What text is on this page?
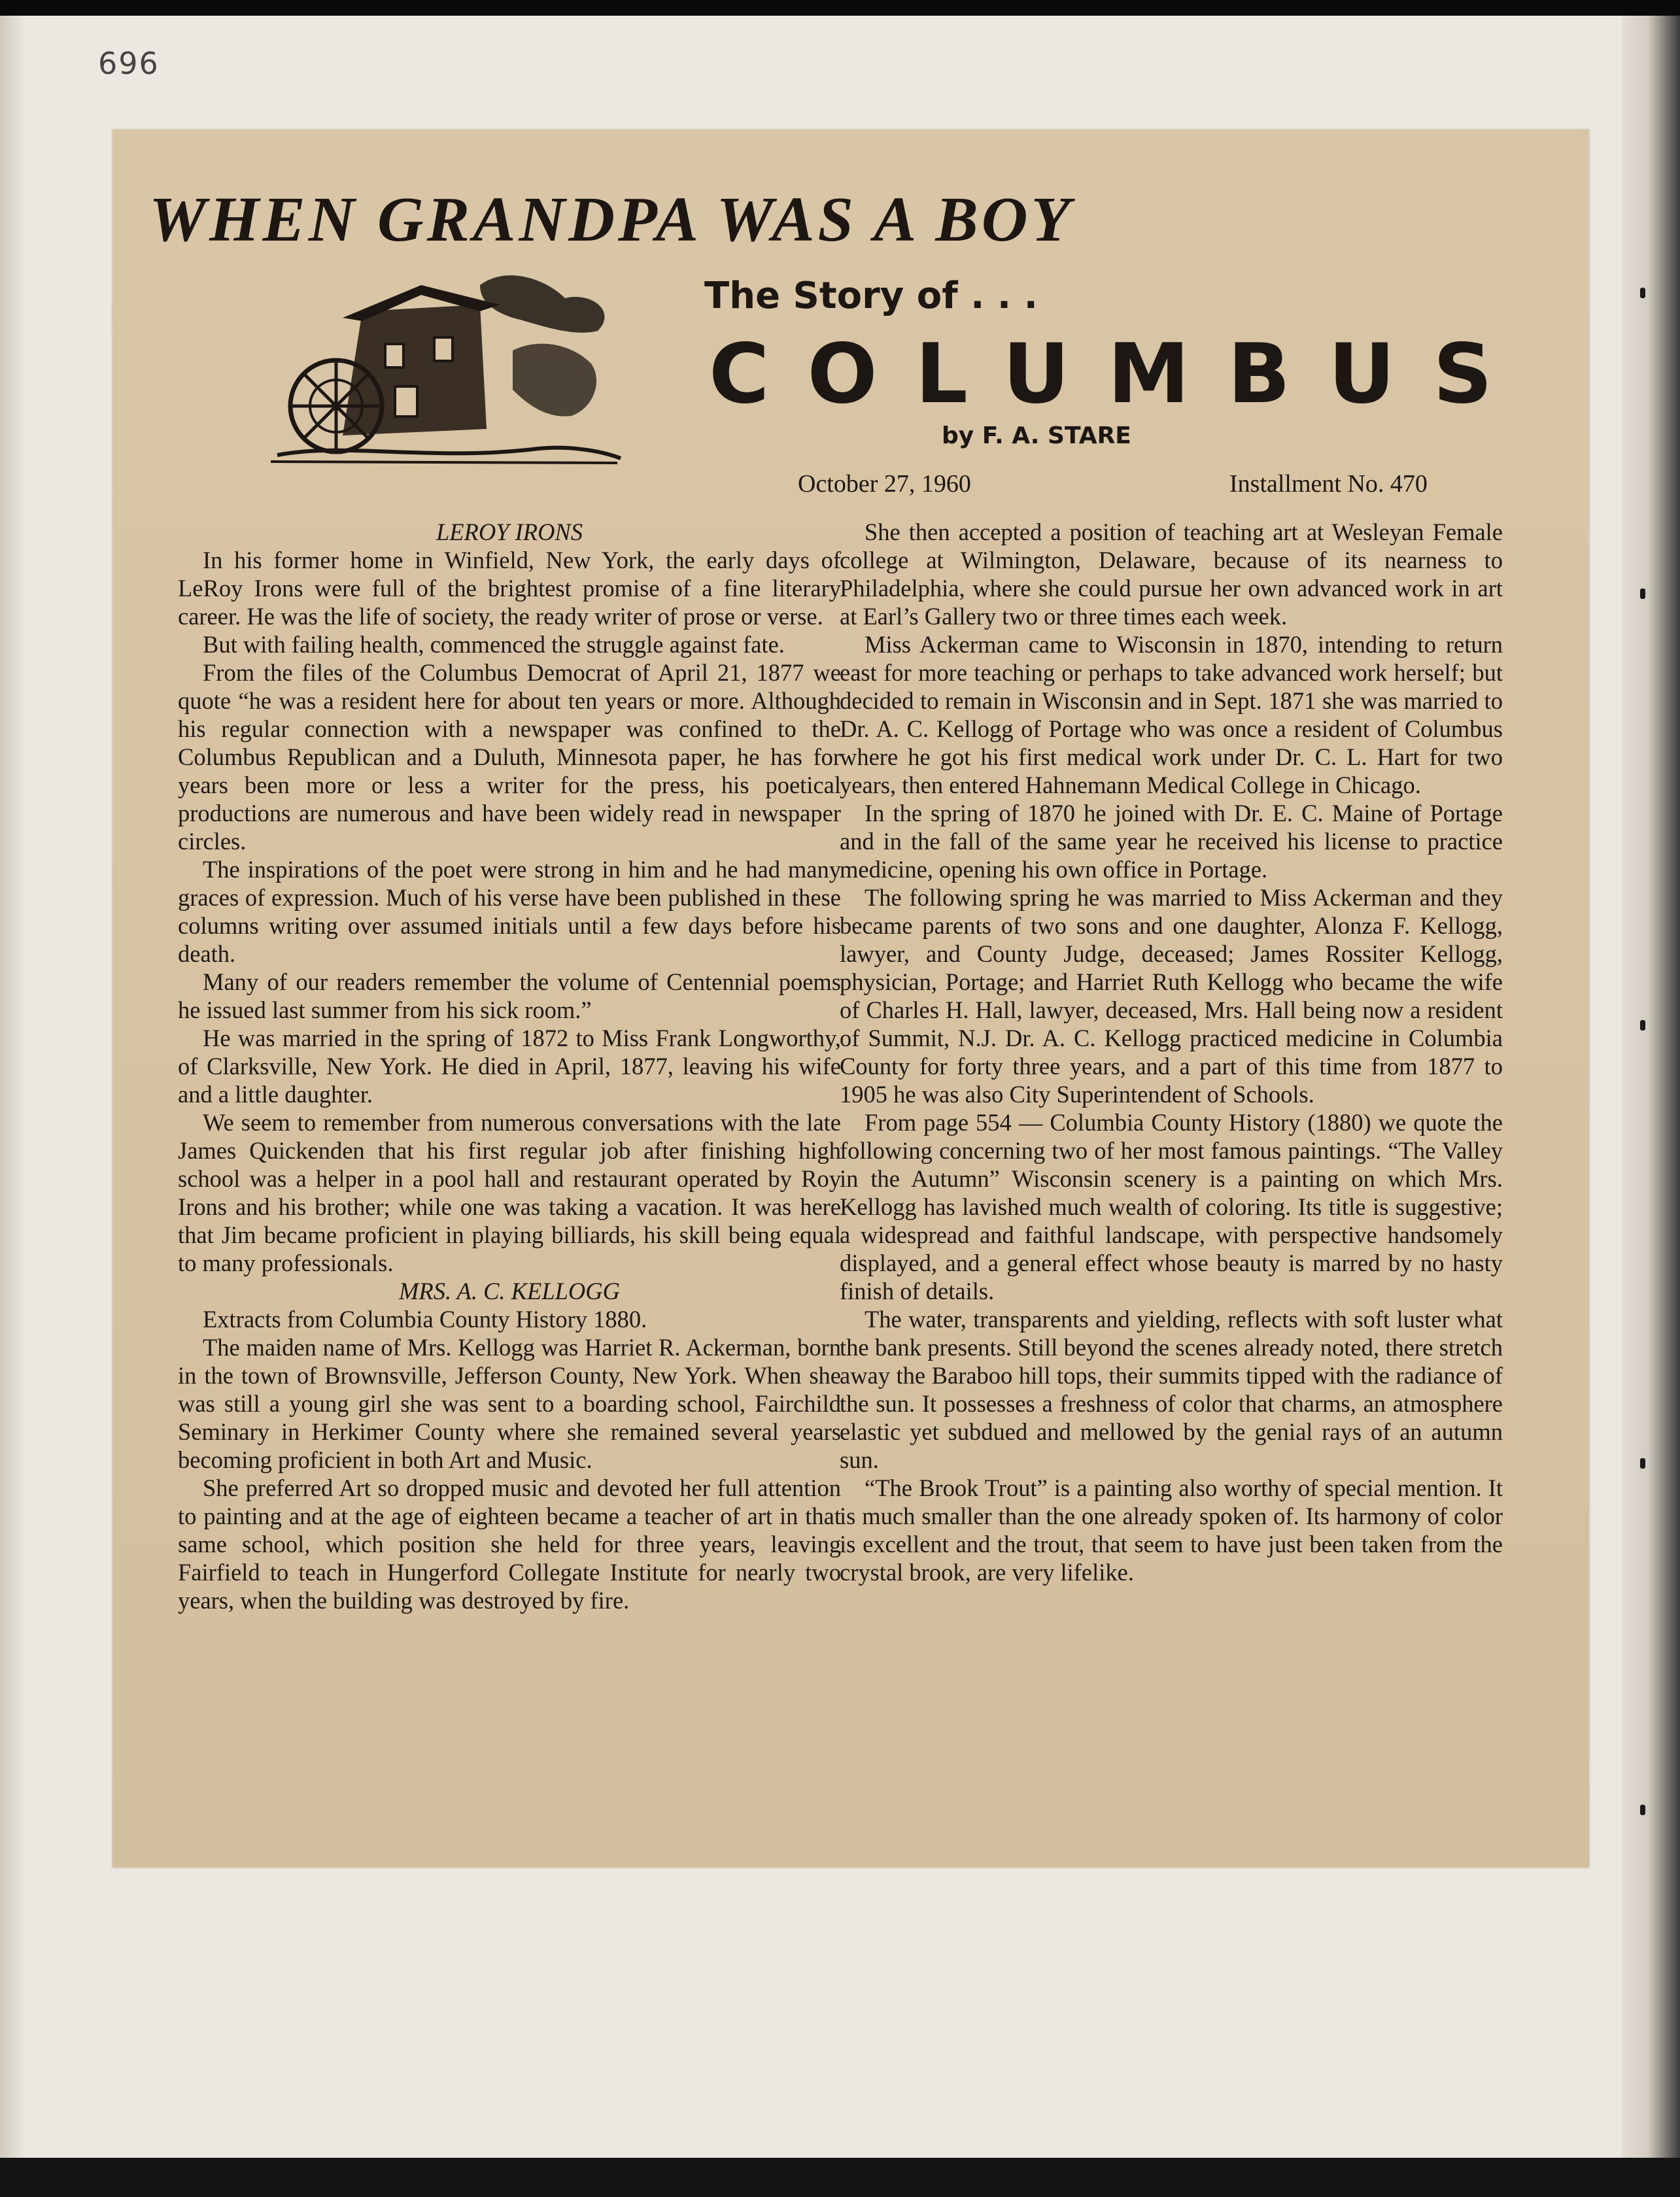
696
WHEN GRANDPA WAS A BOY
The Story of . . .
COLUMBUS
by F. A. STARE
October 27, 1960	Installment No. 470
LEROY IRONS

In his former home in Winfield, New York, the early days of LeRoy Irons were full of the brightest promise of a fine literary career. He was the life of society, the ready writer of prose or verse.

But with failing health, commenced the struggle against fate.

From the files of the Columbus Democrat of April 21, 1877 we quote “he was a resident here for about ten years or more. Although his regular connection with a newspaper was confined to the Columbus Republican and a Duluth, Minnesota paper, he has for years been more or less a writer for the press, his poetical productions are numerous and have been widely read in newspaper circles.

The inspirations of the poet were strong in him and he had many graces of expression. Much of his verse have been published in these columns writing over assumed initials until a few days before his death.

Many of our readers remember the volume of Centennial poems he issued last summer from his sick room.”

He was married in the spring of 1872 to Miss Frank Longworthy, of Clarksville, New York. He died in April, 1877, leaving his wife and a little daughter.

We seem to remember from numerous conversations with the late James Quickenden that his first regular job after finishing high school was a helper in a pool hall and restaurant operated by Roy Irons and his brother; while one was taking a vacation. It was here that Jim became proficient in playing billiards, his skill being equal to many professionals.

MRS. A. C. KELLOGG

Extracts from Columbia County History 1880.

The maiden name of Mrs. Kellogg was Harriet R. Ackerman, born in the town of Brownsville, Jefferson County, New York. When she was still a young girl she was sent to a boarding school, Fairchild Seminary in Herkimer County where she remained several years becoming proficient in both Art and Music.

She preferred Art so dropped music and devoted her full attention to painting and at the age of eighteen became a teacher of art in that same school, which position she held for three years, leaving Fairfield to teach in Hungerford Collegate Institute for nearly two years, when the building was destroyed by fire.

She then accepted a position of teaching art at Wesleyan Female college at Wilmington, Delaware, because of its nearness to Philadelphia, where she could pursue her own advanced work in art at Earl’s Gallery two or three times each week.

Miss Ackerman came to Wisconsin in 1870, intending to return east for more teaching or perhaps to take advanced work herself; but decided to remain in Wisconsin and in Sept. 1871 she was married to Dr. A. C. Kellogg of Portage who was once a resident of Columbus where he got his first medical work under Dr. C. L. Hart for two years, then entered Hahnemann Medical College in Chicago.

In the spring of 1870 he joined with Dr. E. C. Maine of Portage and in the fall of the same year he received his license to practice medicine, opening his own office in Portage.

The following spring he was married to Miss Ackerman and they became parents of two sons and one daughter, Alonza F. Kellogg, lawyer, and County Judge, deceased; James Rossiter Kellogg, physician, Portage; and Harriet Ruth Kellogg who became the wife of Charles H. Hall, lawyer, deceased, Mrs. Hall being now a resident of Summit, N.J. Dr. A. C. Kellogg practiced medicine in Columbia County for forty three years, and a part of this time from 1877 to 1905 he was also City Superintendent of Schools.

From page 554 — Columbia County History (1880) we quote the following concerning two of her most famous paintings. “The Valley in the Autumn” Wisconsin scenery is a painting on which Mrs. Kellogg has lavished much wealth of coloring. Its title is suggestive; a widespread and faithful landscape, with perspective handsomely displayed, and a general effect whose beauty is marred by no hasty finish of details.

The water, transparents and yielding, reflects with soft luster what the bank presents. Still beyond the scenes already noted, there stretch away the Baraboo hill tops, their summits tipped with the radiance of the sun. It possesses a freshness of color that charms, an atmosphere elastic yet subdued and mellowed by the genial rays of an autumn sun.

“The Brook Trout” is a painting also worthy of special mention. It is much smaller than the one already spoken of. Its harmony of color is excellent and the trout, that seem to have just been taken from the crystal brook, are very lifelike.
